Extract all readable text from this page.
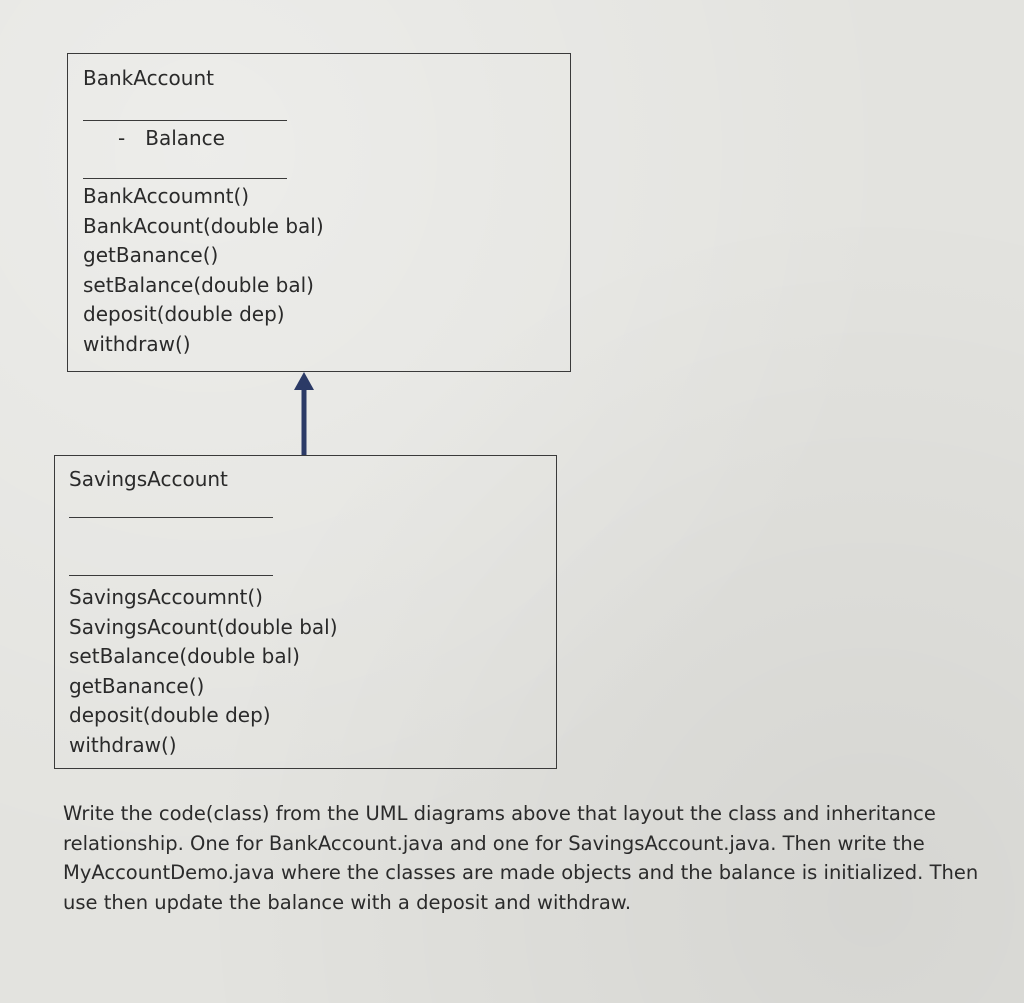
BankAccount
- Balance
BankAccoumnt()
BankAcount(double bal)
getBanance()
setBalance(double bal)
deposit(double dep)
withdraw()
SavingsAccount
SavingsAccoumnt()
SavingsAcount(double bal)
setBalance(double bal)
getBanance()
deposit(double dep)
withdraw()

Write the code(class) from the UML diagrams above that layout the class and inheritance relationship. One for BankAccount.java and one for SavingsAccount.java. Then write the MyAccountDemo.java where the classes are made objects and the balance is initialized. Then use then update the balance with a deposit and withdraw.
